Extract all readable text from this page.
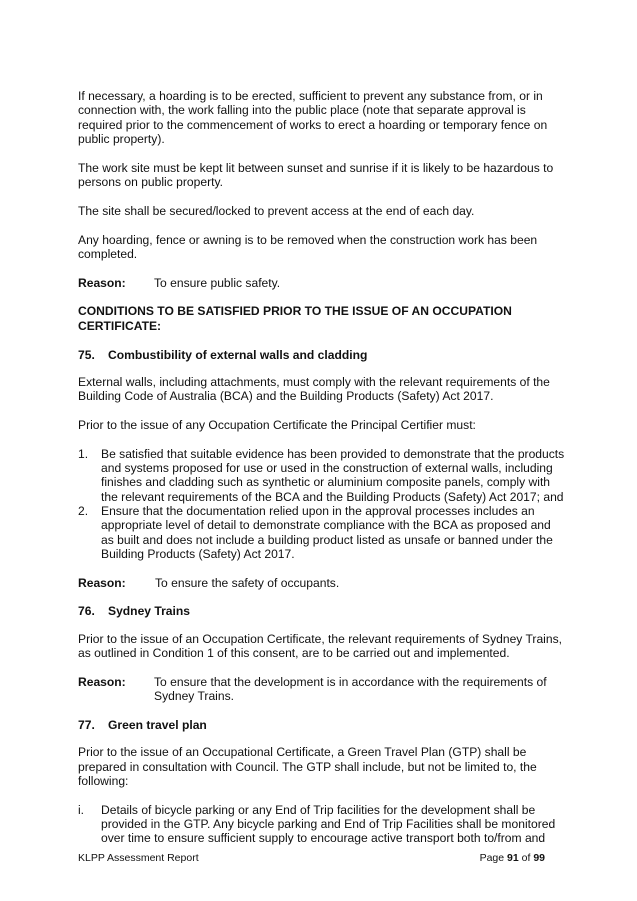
If necessary, a hoarding is to be erected, sufficient to prevent any substance from, or in connection with, the work falling into the public place (note that separate approval is required prior to the commencement of works to erect a hoarding or temporary fence on public property).

The work site must be kept lit between sunset and sunrise if it is likely to be hazardous to persons on public property.

The site shall be secured/locked to prevent access at the end of each day.

Any hoarding, fence or awning is to be removed when the construction work has been completed.

Reason:	To ensure public safety.
CONDITIONS TO BE SATISFIED PRIOR TO THE ISSUE OF AN OCCUPATION CERTIFICATE:
75.	Combustibility of external walls and cladding

External walls, including attachments, must comply with the relevant requirements of the Building Code of Australia (BCA) and the Building Products (Safety) Act 2017.

Prior to the issue of any Occupation Certificate the Principal Certifier must:

1.	Be satisfied that suitable evidence has been provided to demonstrate that the products and systems proposed for use or used in the construction of external walls, including finishes and cladding such as synthetic or aluminium composite panels, comply with the relevant requirements of the BCA and the Building Products (Safety) Act 2017; and
2.	Ensure that the documentation relied upon in the approval processes includes an appropriate level of detail to demonstrate compliance with the BCA as proposed and as built and does not include a building product listed as unsafe or banned under the Building Products (Safety) Act 2017.
Reason:	To ensure the safety of occupants.
76.	Sydney Trains

Prior to the issue of an Occupation Certificate, the relevant requirements of Sydney Trains, as outlined in Condition 1 of this consent, are to be carried out and implemented.

Reason:	To ensure that the development is in accordance with the requirements of Sydney Trains.
77.	Green travel plan

Prior to the issue of an Occupational Certificate, a Green Travel Plan (GTP) shall be prepared in consultation with Council. The GTP shall include, but not be limited to, the following:

i.	Details of bicycle parking or any End of Trip facilities for the development shall be provided in the GTP. Any bicycle parking and End of Trip Facilities shall be monitored over time to ensure sufficient supply to encourage active transport both to/from and
KLPP Assessment Report	Page 91 of 99
